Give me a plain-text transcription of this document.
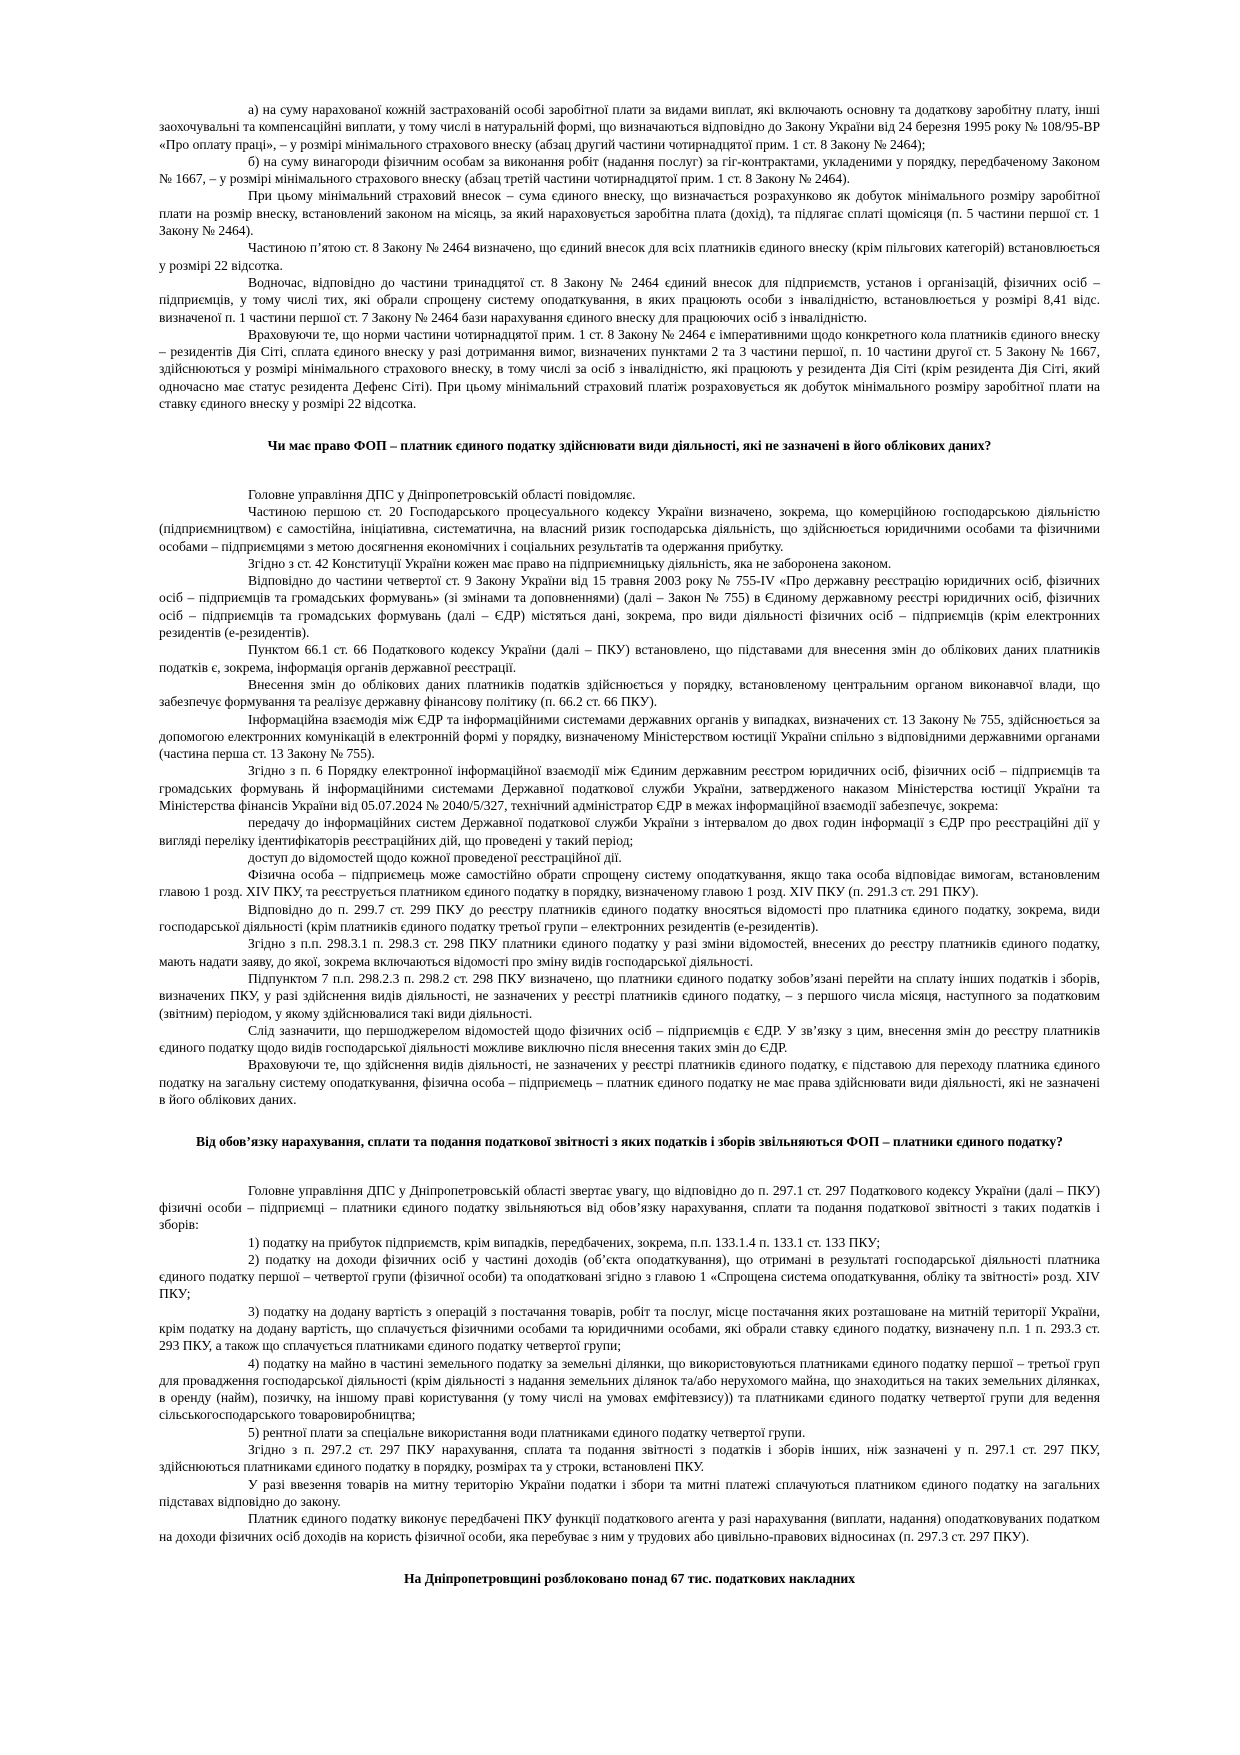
а) на суму нарахованої кожній застрахованій особі заробітної плати за видами виплат, які включають основну та додаткову заробітну плату, інші заохочувальні та компенсаційні виплати, у тому числі в натуральній формі, що визначаються відповідно до Закону України від 24 березня 1995 року № 108/95-ВР «Про оплату праці», – у розмірі мінімального страхового внеску (абзац другий частини чотирнадцятої прим. 1 ст. 8 Закону № 2464);

б) на суму винагороди фізичним особам за виконання робіт (надання послуг) за гіг-контрактами, укладеними у порядку, передбаченому Законом № 1667, – у розмірі мінімального страхового внеску (абзац третій частини чотирнадцятої прим. 1 ст. 8 Закону № 2464).

При цьому мінімальний страховий внесок – сума єдиного внеску, що визначається розрахунково як добуток мінімального розміру заробітної плати на розмір внеску, встановлений законом на місяць, за який нараховується заробітна плата (дохід), та підлягає сплаті щомісяця (п. 5 частини першої ст. 1 Закону № 2464).

Частиною п’ятою ст. 8 Закону № 2464 визначено, що єдиний внесок для всіх платників єдиного внеску (крім пільгових категорій) встановлюється у розмірі 22 відсотка.

Водночас, відповідно до частини тринадцятої ст. 8 Закону № 2464 єдиний внесок для підприємств, установ і організацій, фізичних осіб – підприємців, у тому числі тих, які обрали спрощену систему оподаткування, в яких працюють особи з інвалідністю, встановлюється у розмірі 8,41 відс. визначеної п. 1 частини першої ст. 7 Закону № 2464 бази нарахування єдиного внеску для працюючих осіб з інвалідністю.

Враховуючи те, що норми частини чотирнадцятої прим. 1 ст. 8 Закону № 2464 є імперативними щодо конкретного кола платників єдиного внеску – резидентів Дія Сіті, сплата єдиного внеску у разі дотримання вимог, визначених пунктами 2 та 3 частини першої, п. 10 частини другої ст. 5 Закону № 1667, здійснюються у розмірі мінімального страхового внеску, в тому числі за осіб з інвалідністю, які працюють у резидента Дія Сіті (крім резидента Дія Сіті, який одночасно має статус резидента Дефенс Сіті). При цьому мінімальний страховий платіж розраховується як добуток мінімального розміру заробітної плати на ставку єдиного внеску у розмірі 22 відсотка.

Чи має право ФОП – платник єдиного податку здійснювати види діяльності, які не зазначені в його облікових даних?

Головне управління ДПС у Дніпропетровській області повідомляє.

Частиною першою ст. 20 Господарського процесуального кодексу України визначено, зокрема, що комерційною господарською діяльністю (підприємництвом) є самостійна, ініціативна, систематична, на власний ризик господарська діяльність, що здійснюється юридичними особами та фізичними особами – підприємцями з метою досягнення економічних і соціальних результатів та одержання прибутку.

Згідно з ст. 42 Конституції України кожен має право на підприємницьку діяльність, яка не заборонена законом.

Відповідно до частини четвертої ст. 9 Закону України від 15 травня 2003 року № 755-IV «Про державну реєстрацію юридичних осіб, фізичних осіб – підприємців та громадських формувань» (зі змінами та доповненнями) (далі – Закон № 755) в Єдиному державному реєстрі юридичних осіб, фізичних осіб – підприємців та громадських формувань (далі – ЄДР) містяться дані, зокрема, про види діяльності фізичних осіб – підприємців (крім електронних резидентів (е-резидентів).

Пунктом 66.1 ст. 66 Податкового кодексу України (далі – ПКУ) встановлено, що підставами для внесення змін до облікових даних платників податків є, зокрема, інформація органів державної реєстрації.

Внесення змін до облікових даних платників податків здійснюється у порядку, встановленому центральним органом виконавчої влади, що забезпечує формування та реалізує державну фінансову політику (п. 66.2 ст. 66 ПКУ).

Інформаційна взаємодія між ЄДР та інформаційними системами державних органів у випадках, визначених ст. 13 Закону № 755, здійснюється за допомогою електронних комунікацій в електронній формі у порядку, визначеному Міністерством юстиції України спільно з відповідними державними органами (частина перша ст. 13 Закону № 755).

Згідно з п. 6 Порядку електронної інформаційної взаємодії між Єдиним державним реєстром юридичних осіб, фізичних осіб – підприємців та громадських формувань й інформаційними системами Державної податкової служби України, затвердженого наказом Міністерства юстиції України та Міністерства фінансів України від 05.07.2024 № 2040/5/327, технічний адміністратор ЄДР в межах інформаційної взаємодії забезпечує, зокрема:

передачу до інформаційних систем Державної податкової служби України з інтервалом до двох годин інформації з ЄДР про реєстраційні дії у вигляді переліку ідентифікаторів реєстраційних дій, що проведені у такий період;

доступ до відомостей щодо кожної проведеної реєстраційної дії.

Фізична особа – підприємець може самостійно обрати спрощену систему оподаткування, якщо така особа відповідає вимогам, встановленим главою 1 розд. XIV ПКУ, та реєструється платником єдиного податку в порядку, визначеному главою 1 розд. XIV ПКУ (п. 291.3 ст. 291 ПКУ).

Відповідно до п. 299.7 ст. 299 ПКУ до реєстру платників єдиного податку вносяться відомості про платника єдиного податку, зокрема, види господарської діяльності (крім платників єдиного податку третьої групи – електронних резидентів (е-резидентів).

Згідно з п.п. 298.3.1 п. 298.3 ст. 298 ПКУ платники єдиного податку у разі зміни відомостей, внесених до реєстру платників єдиного податку, мають надати заяву, до якої, зокрема включаються відомості про зміну видів господарської діяльності.

Підпунктом 7 п.п. 298.2.3 п. 298.2 ст. 298 ПКУ визначено, що платники єдиного податку зобов’язані перейти на сплату інших податків і зборів, визначених ПКУ, у разі здійснення видів діяльності, не зазначених у реєстрі платників єдиного податку, – з першого числа місяця, наступного за податковим (звітним) періодом, у якому здійснювалися такі види діяльності.

Слід зазначити, що першоджерелом відомостей щодо фізичних осіб – підприємців є ЄДР. У зв’язку з цим, внесення змін до реєстру платників єдиного податку щодо видів господарської діяльності можливе виключно після внесення таких змін до ЄДР.

Враховуючи те, що здійснення видів діяльності, не зазначених у реєстрі платників єдиного податку, є підставою для переходу платника єдиного податку на загальну систему оподаткування, фізична особа – підприємець – платник єдиного податку не має права здійснювати види діяльності, які не зазначені в його облікових даних.

Від обов’язку нарахування, сплати та подання податкової звітності з яких податків і зборів звільняються ФОП – платники єдиного податку?

Головне управління ДПС у Дніпропетровській області звертає увагу, що відповідно до п. 297.1 ст. 297 Податкового кодексу України (далі – ПКУ) фізичні особи – підприємці – платники єдиного податку звільняються від обов’язку нарахування, сплати та подання податкової звітності з таких податків і зборів:

1) податку на прибуток підприємств, крім випадків, передбачених, зокрема, п.п. 133.1.4 п. 133.1 ст. 133 ПКУ;

2) податку на доходи фізичних осіб у частині доходів (об’єкта оподаткування), що отримані в результаті господарської діяльності платника єдиного податку першої – четвертої групи (фізичної особи) та оподатковані згідно з главою 1 «Спрощена система оподаткування, обліку та звітності» розд. XIV ПКУ;

3) податку на додану вартість з операцій з постачання товарів, робіт та послуг, місце постачання яких розташоване на митній території України, крім податку на додану вартість, що сплачується фізичними особами та юридичними особами, які обрали ставку єдиного податку, визначену п.п. 1 п. 293.3 ст. 293 ПКУ, а також що сплачується платниками єдиного податку четвертої групи;

4) податку на майно в частині земельного податку за земельні ділянки, що використовуються платниками єдиного податку першої – третьої груп для провадження господарської діяльності (крім діяльності з надання земельних ділянок та/або нерухомого майна, що знаходиться на таких земельних ділянках, в оренду (найм), позичку, на іншому праві користування (у тому числі на умовах емфітевзису)) та платниками єдиного податку четвертої групи для ведення сільськогосподарського товаровиробництва;

5) рентної плати за спеціальне використання води платниками єдиного податку четвертої групи.

Згідно з п. 297.2 ст. 297 ПКУ нарахування, сплата та подання звітності з податків і зборів інших, ніж зазначені у п. 297.1 ст. 297 ПКУ, здійснюються платниками єдиного податку в порядку, розмірах та у строки, встановлені ПКУ.

У разі ввезення товарів на митну територію України податки і збори та митні платежі сплачуються платником єдиного податку на загальних підставах відповідно до закону.

Платник єдиного податку виконує передбачені ПКУ функції податкового агента у разі нарахування (виплати, надання) оподатковуваних податком на доходи фізичних осіб доходів на користь фізичної особи, яка перебуває з ним у трудових або цивільно-правових відносинах (п. 297.3 ст. 297 ПКУ).

На Дніпропетровщині розблоковано понад 67 тис. податкових накладних
